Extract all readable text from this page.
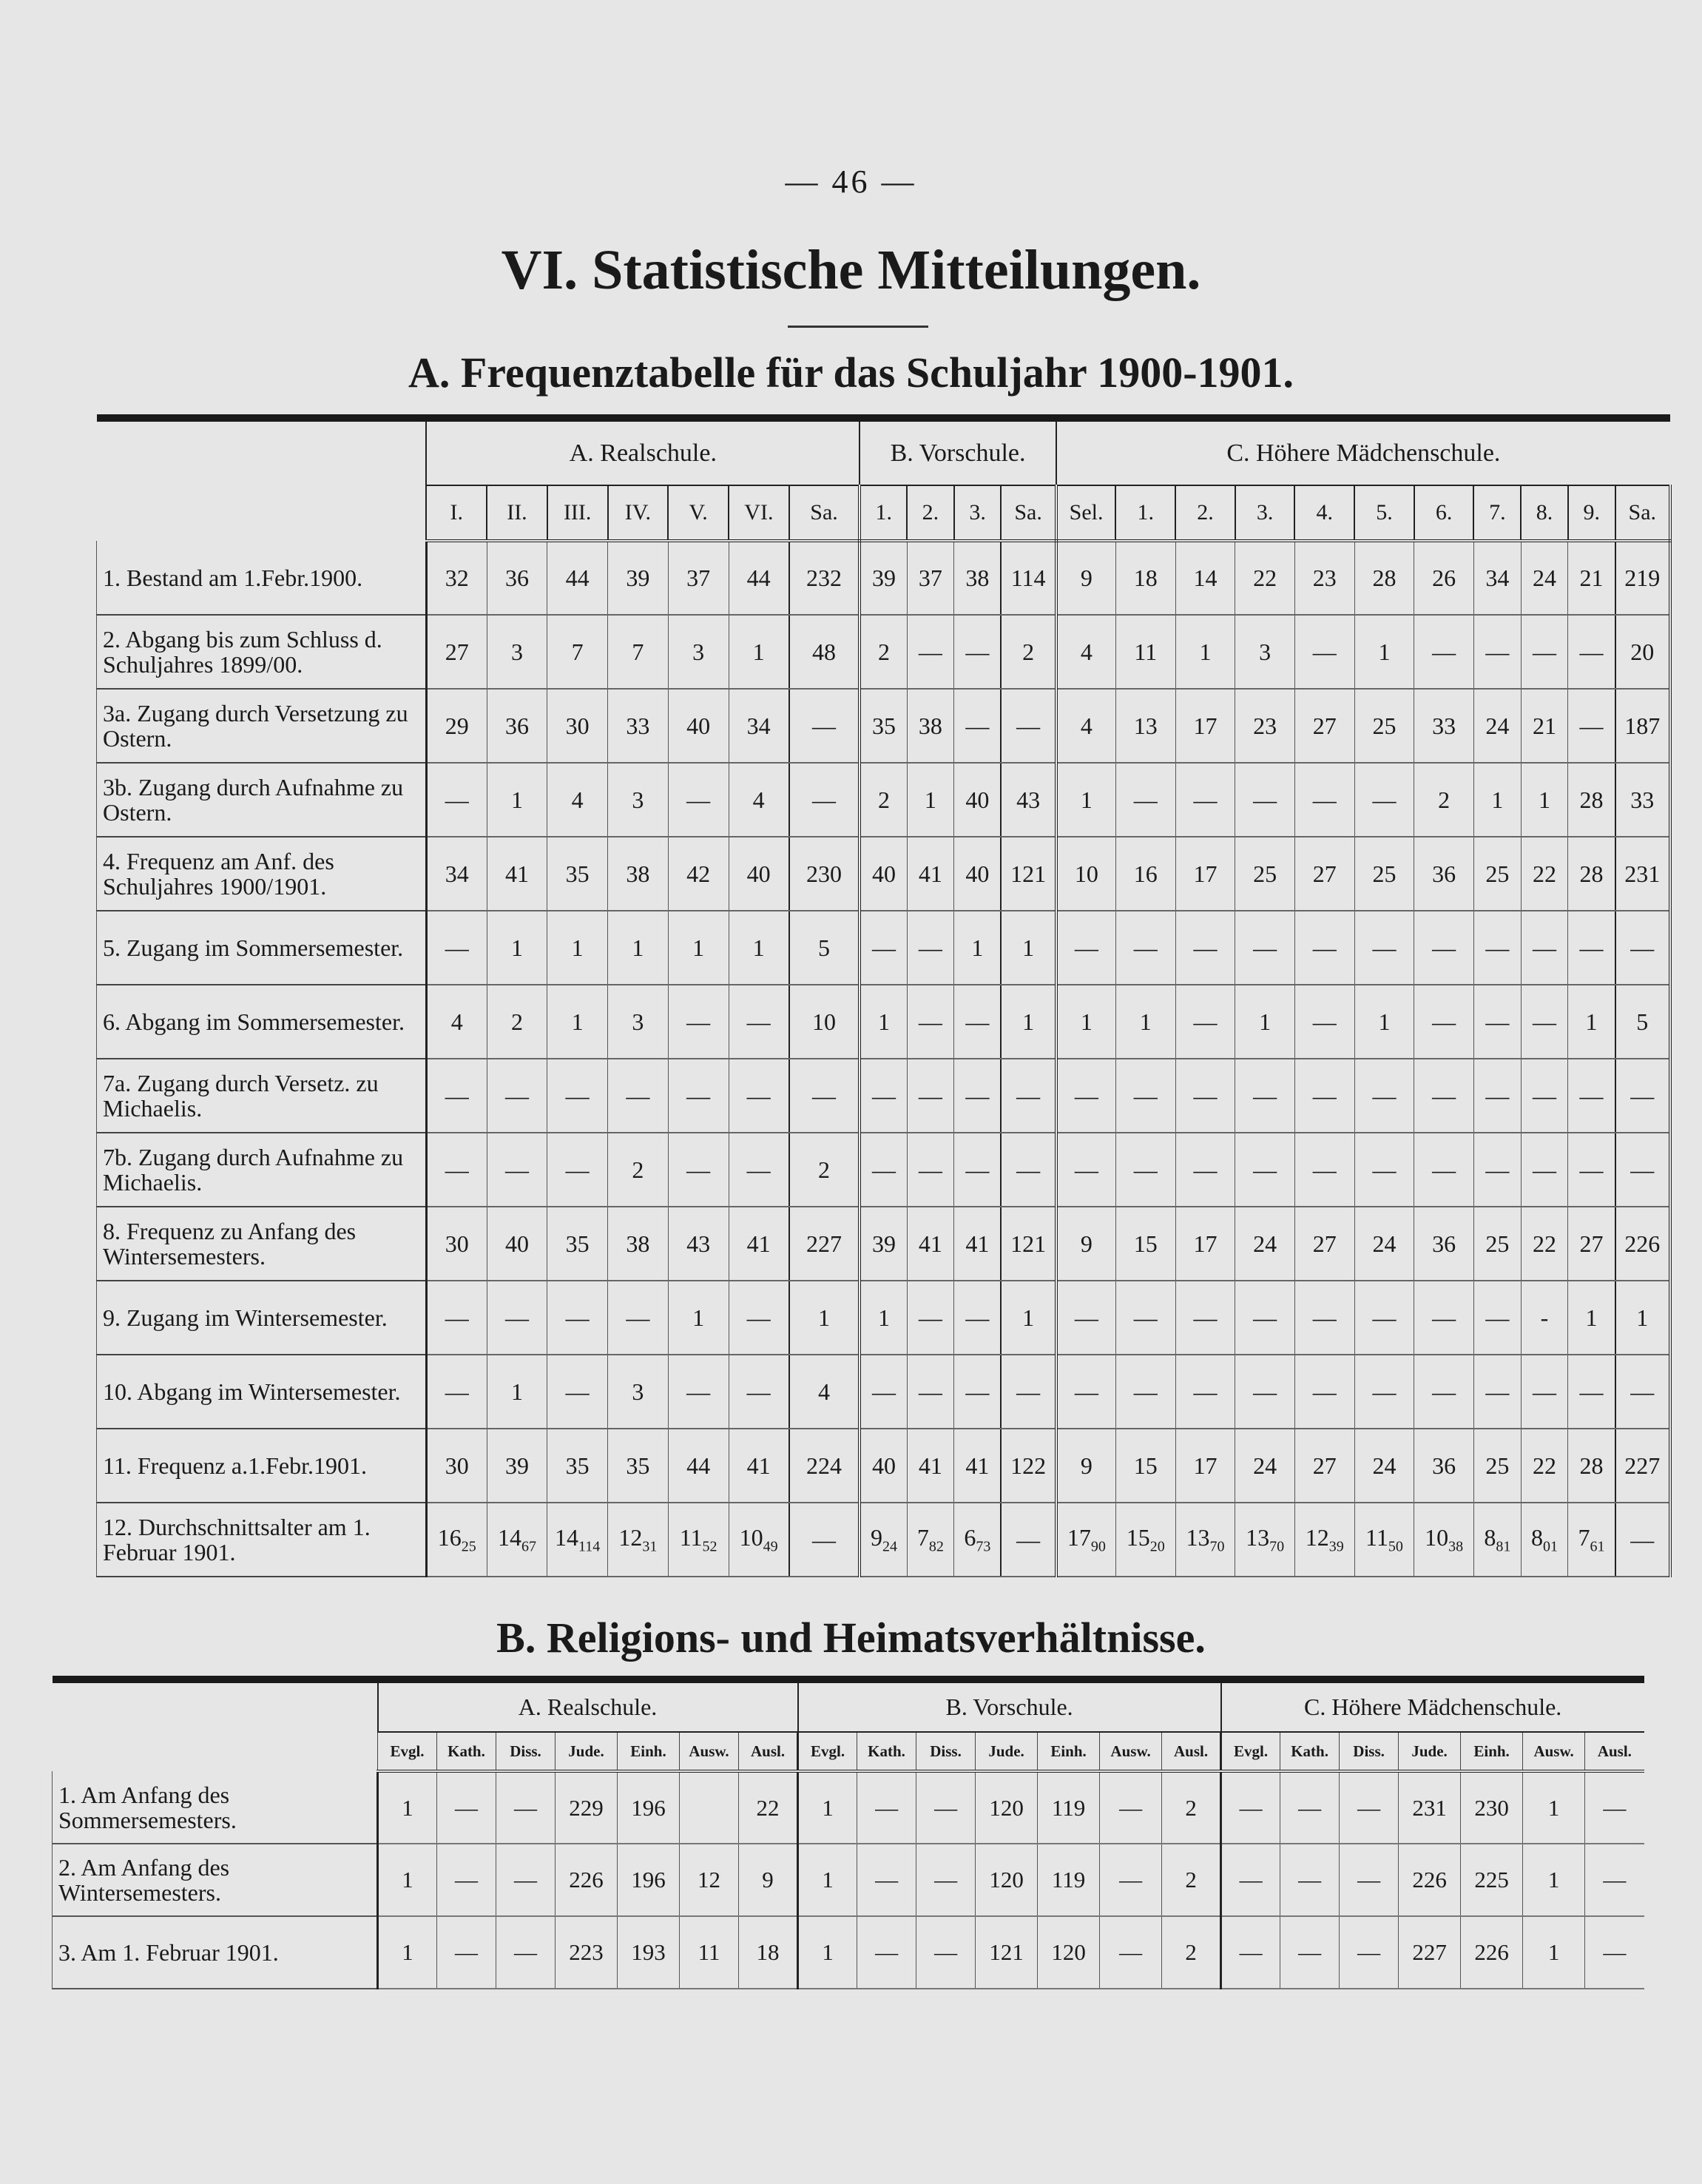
— 46 —
VI. Statistische Mitteilungen.
A. Frequenztabelle für das Schuljahr 1900-1901.
	A. Realschule.							B. Vorschule.				C. Höhere Mädchenschule.										
	I.	II.	III.	IV.	V.	VI.	Sa.	1.	2.	3.	Sa.	Sel.	1.	2.	3.	4.	5.	6.	7.	8.	9.	Sa.
1. Bestand am 1.Febr.1900.	32	36	44	39	37	44	232	39	37	38	114	9	18	14	22	23	28	26	34	24	21	219
2. Abgang bis zum Schluss d. Schuljahres 1899/00.	27	3	7	7	3	1	48	2	—	—	2	4	11	1	3	—	1	—	—	—	—	20
3a. Zugang durch Versetzung zu Ostern.	29	36	30	33	40	34	—	35	38	—	—	4	13	17	23	27	25	33	24	21	—	187
3b. Zugang durch Aufnahme zu Ostern.	—	1	4	3	—	4	—	2	1	40	43	1	—	—	—	—	—	2	1	1	28	33
4. Frequenz am Anf. des Schuljahres 1900/1901.	34	41	35	38	42	40	230	40	41	40	121	10	16	17	25	27	25	36	25	22	28	231
5. Zugang im Sommersemester.	—	1	1	1	1	1	5	—	—	1	1	—	—	—	—	—	—	—	—	—	—	—
6. Abgang im Sommersemester.	4	2	1	3	—	—	10	1	—	—	1	1	1	—	1	—	1	—	—	—	1	5
7a. Zugang durch Versetz. zu Michaelis.	—	—	—	—	—	—	—	—	—	—	—	—	—	—	—	—	—	—	—	—	—	—
7b. Zugang durch Aufnahme zu Michaelis.	—	—	—	2	—	—	2	—	—	—	—	—	—	—	—	—	—	—	—	—	—	—
8. Frequenz zu Anfang des Wintersemesters.	30	40	35	38	43	41	227	39	41	41	121	9	15	17	24	27	24	36	25	22	27	226
9. Zugang im Wintersemester.	—	—	—	—	1	—	1	1	—	—	1	—	—	—	—	—	—	—	—	-	1	1
10. Abgang im Wintersemester.	—	1	—	3	—	—	4	—	—	—	—	—	—	—	—	—	—	—	—	—	—	—
11. Frequenz a.1.Febr.1901.	30	39	35	35	44	41	224	40	41	41	122	9	15	17	24	27	24	36	25	22	28	227
12. Durchschnittsalter am 1. Februar 1901.	$16_{25}$	$14_{67}$	$14_{114}$	$12_{31}$	$11_{52}$	$10_{49}$	—	$9_{24}$	$7_{82}$	$6_{73}$	—	$17_{90}$	$15_{20}$	$13_{70}$	$13_{70}$	$12_{39}$	$11_{50}$	$10_{38}$	$8_{81}$	$8_{01}$	$7_{61}$	—
B. Religions- und Heimatsverhältnisse.
	A. Realschule.							B. Vorschule.							C. Höhere Mädchenschule.						
	Evgl.	Kath.	Diss.	Jude.	Einh.	Ausw.	Ausl.	Evgl.	Kath.	Diss.	Jude.	Einh.	Ausw.	Ausl.	Evgl.	Kath.	Diss.	Jude.	Einh.	Ausw.	Ausl.
1. Am Anfang des Sommersemesters.	1	—	—	229	196		22	1	—	—	120	119	—	2	—	—	—	231	230	1	—
2. Am Anfang des Wintersemesters.	1	—	—	226	196	12	9	1	—	—	120	119	—	2	—	—	—	226	225	1	—
3. Am 1. Februar 1901.	1	—	—	223	193	11	18	1	—	—	121	120	—	2	—	—	—	227	226	1	—
